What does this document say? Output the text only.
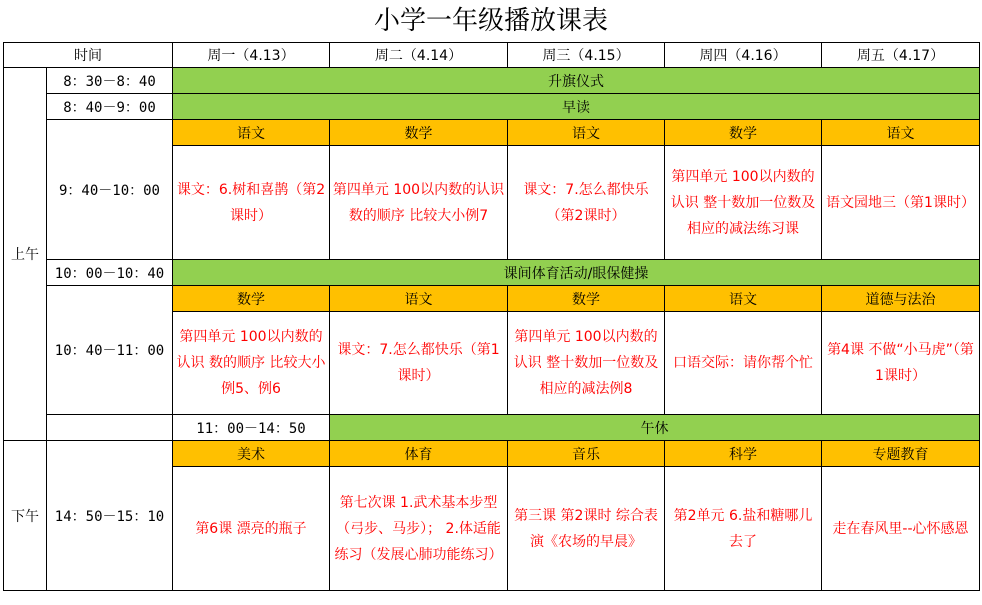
小学一年级播放课表
时间		周一（4.13）	周二（4.14）	周三（4.15）	周四（4.16）	周五（4.17）
上午	8：30－8：40	升旗仪式				
	8：40－9：00	早读				
	9：40－10：00	语文	数学	语文	数学	语文
		课文：6.树和喜鹊（第2课时）	第四单元 100以内数的认识 数的顺序 比较大小例7	课文：7.怎么都快乐（第2课时）	第四单元 100以内数的认识 整十数加一位数及相应的减法练习课	语文园地三（第1课时）
	10：00－10：40	课间体育活动/眼保健操				
	10：40－11：00	数学	语文	数学	语文	道德与法治
		第四单元 100以内数的认识 数的顺序 比较大小例5、例6	课文：7.怎么都快乐（第1课时）	第四单元 100以内数的认识 整十数加一位数及相应的减法例8	口语交际：请你帮个忙	第4课 不做“小马虎”（第1课时）
		11：00－14：50	午休			
下午	14：50－15：10	美术	体育	音乐	科学	专题教育
		第6课 漂亮的瓶子	第七次课 1.武术基本步型（弓步、马步）； 2.体适能练习（发展心肺功能练习）	第三课 第2课时 综合表演《农场的早晨》	第2单元 6.盐和糖哪儿去了	走在春风里--心怀感恩
